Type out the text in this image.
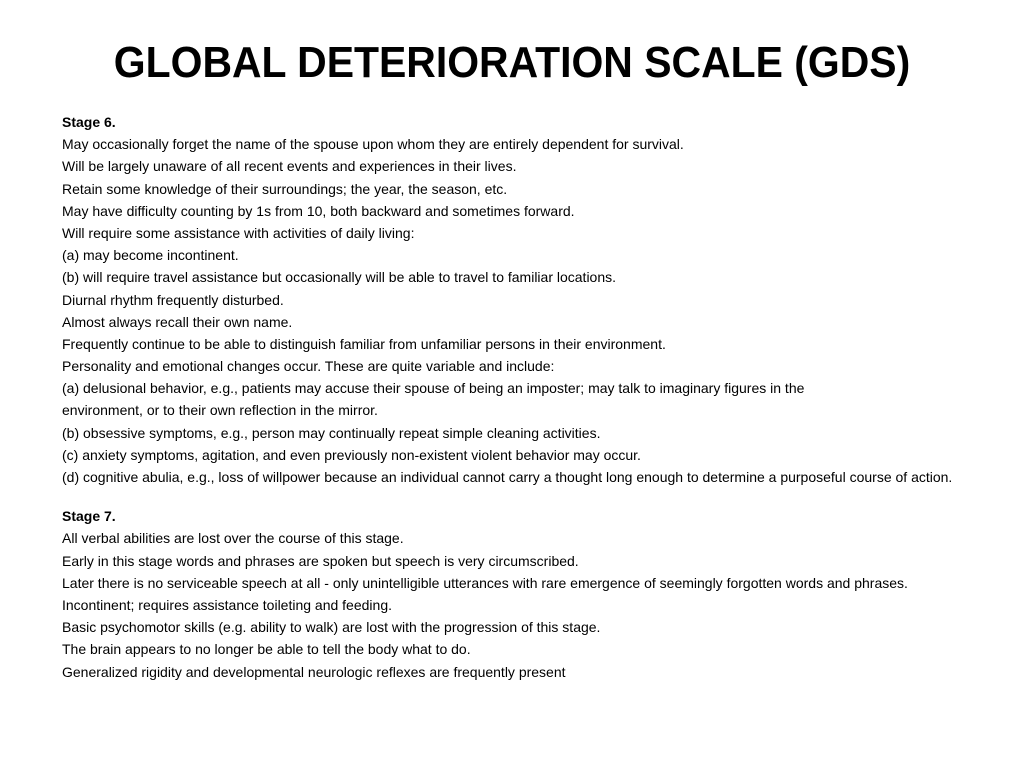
GLOBAL DETERIORATION SCALE (GDS)

Stage 6.

May occasionally forget the name of the spouse upon whom they are entirely dependent for survival.

Will be largely unaware of all recent events and experiences in their lives.

Retain some knowledge of their surroundings; the year, the season, etc.

May have difficulty counting by 1s from 10, both backward and sometimes forward.

Will require some assistance with activities of daily living:

(a) may become incontinent.

(b) will require travel assistance but occasionally will be able to travel to familiar locations.

Diurnal rhythm frequently disturbed.

Almost always recall their own name.

Frequently continue to be able to distinguish familiar from unfamiliar persons in their environment.

Personality and emotional changes occur. These are quite variable and include:

(a) delusional behavior, e.g., patients may accuse their spouse of being an imposter; may talk to imaginary figures in the

environment, or to their own reflection in the mirror.

(b) obsessive symptoms, e.g., person may continually repeat simple cleaning activities.

(c) anxiety symptoms, agitation, and even previously non-existent violent behavior may occur.

(d) cognitive abulia, e.g., loss of willpower because an individual cannot carry a thought long enough to determine a purposeful course of action.

Stage 7.

All verbal abilities are lost over the course of this stage.

Early in this stage words and phrases are spoken but speech is very circumscribed.

Later there is no serviceable speech at all - only unintelligible utterances with rare emergence of seemingly forgotten words and phrases.

Incontinent; requires assistance toileting and feeding.

Basic psychomotor skills (e.g. ability to walk) are lost with the progression of this stage.

The brain appears to no longer be able to tell the body what to do.

Generalized rigidity and developmental neurologic reflexes are frequently present
